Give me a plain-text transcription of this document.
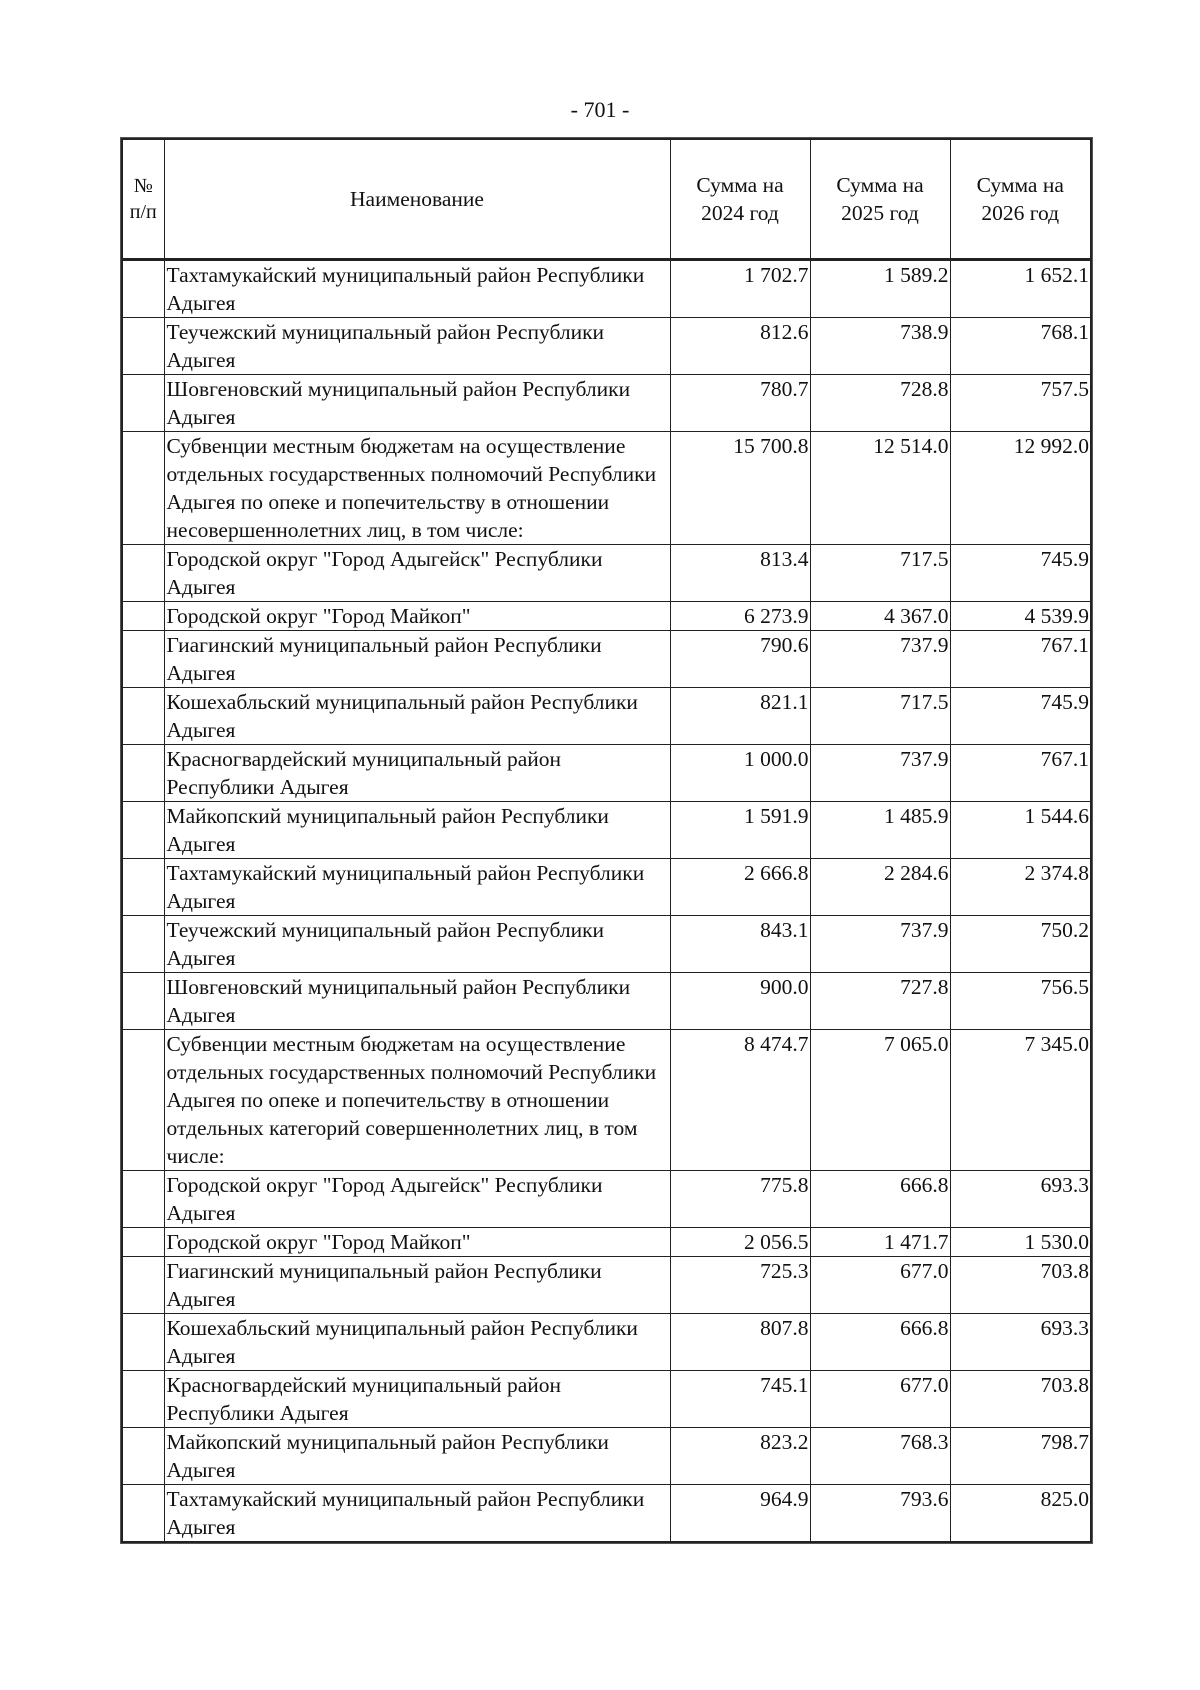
- 701 -
№ п/п	Наименование	Сумма на 2024 год	Сумма на 2025 год	Сумма на 2026 год
	Тахтамукайский муниципальный район Республики Адыгея	1 702.7	1 589.2	1 652.1
	Теучежский муниципальный район Республики Адыгея	812.6	738.9	768.1
	Шовгеновский муниципальный район Республики Адыгея	780.7	728.8	757.5
	Субвенции местным бюджетам на осуществление отдельных государственных полномочий Республики Адыгея по опеке и попечительству в отношении несовершеннолетних лиц, в том числе:	15 700.8	12 514.0	12 992.0
	Городской округ "Город Адыгейск" Республики Адыгея	813.4	717.5	745.9
	Городской округ "Город Майкоп"	6 273.9	4 367.0	4 539.9
	Гиагинский муниципальный район Республики Адыгея	790.6	737.9	767.1
	Кошехабльский муниципальный район Республики Адыгея	821.1	717.5	745.9
	Красногвардейский муниципальный район Республики Адыгея	1 000.0	737.9	767.1
	Майкопский муниципальный район Республики Адыгея	1 591.9	1 485.9	1 544.6
	Тахтамукайский муниципальный район Республики Адыгея	2 666.8	2 284.6	2 374.8
	Теучежский муниципальный район Республики Адыгея	843.1	737.9	750.2
	Шовгеновский муниципальный район Республики Адыгея	900.0	727.8	756.5
	Субвенции местным бюджетам на осуществление отдельных государственных полномочий Республики Адыгея по опеке и попечительству в отношении отдельных категорий совершеннолетних лиц, в том числе:	8 474.7	7 065.0	7 345.0
	Городской округ "Город Адыгейск" Республики Адыгея	775.8	666.8	693.3
	Городской округ "Город Майкоп"	2 056.5	1 471.7	1 530.0
	Гиагинский муниципальный район Республики Адыгея	725.3	677.0	703.8
	Кошехабльский муниципальный район Республики Адыгея	807.8	666.8	693.3
	Красногвардейский муниципальный район Республики Адыгея	745.1	677.0	703.8
	Майкопский муниципальный район Республики Адыгея	823.2	768.3	798.7
	Тахтамукайский муниципальный район Республики Адыгея	964.9	793.6	825.0
